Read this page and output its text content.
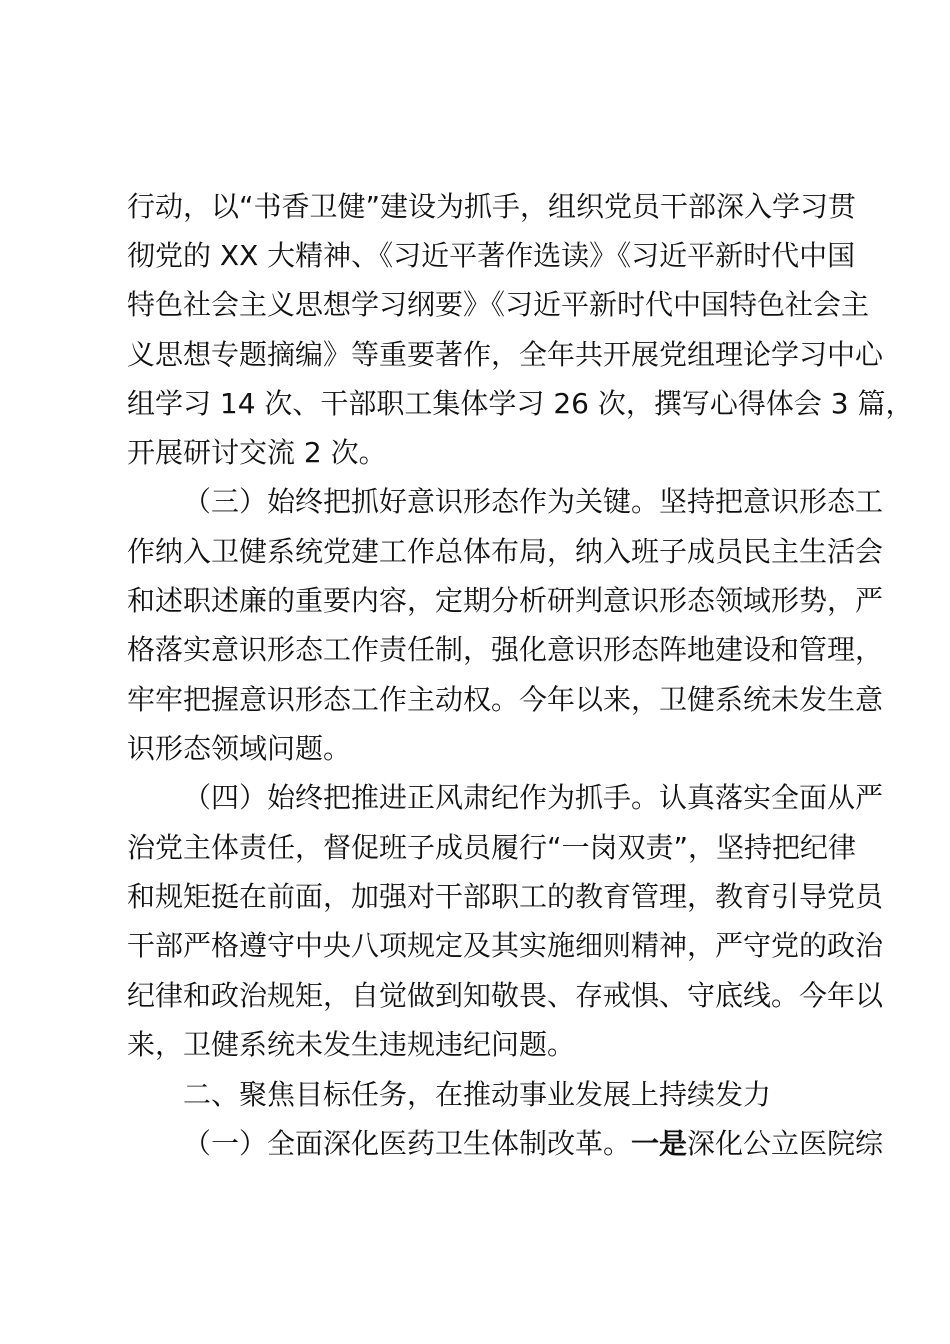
行动，以“书香卫健”建设为抓手，组织党员干部深入学习贯
彻党的 XX 大精神、《习近平著作选读》《习近平新时代中国
特色社会主义思想学习纲要》《习近平新时代中国特色社会主
义思想专题摘编》等重要著作，全年共开展党组理论学习中心
组学习 14 次、干部职工集体学习 26 次，撰写心得体会 3 篇，
开展研讨交流 2 次。
（三）始终把抓好意识形态作为关键。坚持把意识形态工
作纳入卫健系统党建工作总体布局，纳入班子成员民主生活会
和述职述廉的重要内容，定期分析研判意识形态领域形势，严
格落实意识形态工作责任制，强化意识形态阵地建设和管理，
牢牢把握意识形态工作主动权。今年以来，卫健系统未发生意
识形态领域问题。
（四）始终把推进正风肃纪作为抓手。认真落实全面从严
治党主体责任，督促班子成员履行“一岗双责”，坚持把纪律
和规矩挺在前面，加强对干部职工的教育管理，教育引导党员
干部严格遵守中央八项规定及其实施细则精神，严守党的政治
纪律和政治规矩，自觉做到知敬畏、存戒惧、守底线。今年以
来，卫健系统未发生违规违纪问题。
二、聚焦目标任务，在推动事业发展上持续发力
（一）全面深化医药卫生体制改革。一是深化公立医院综
